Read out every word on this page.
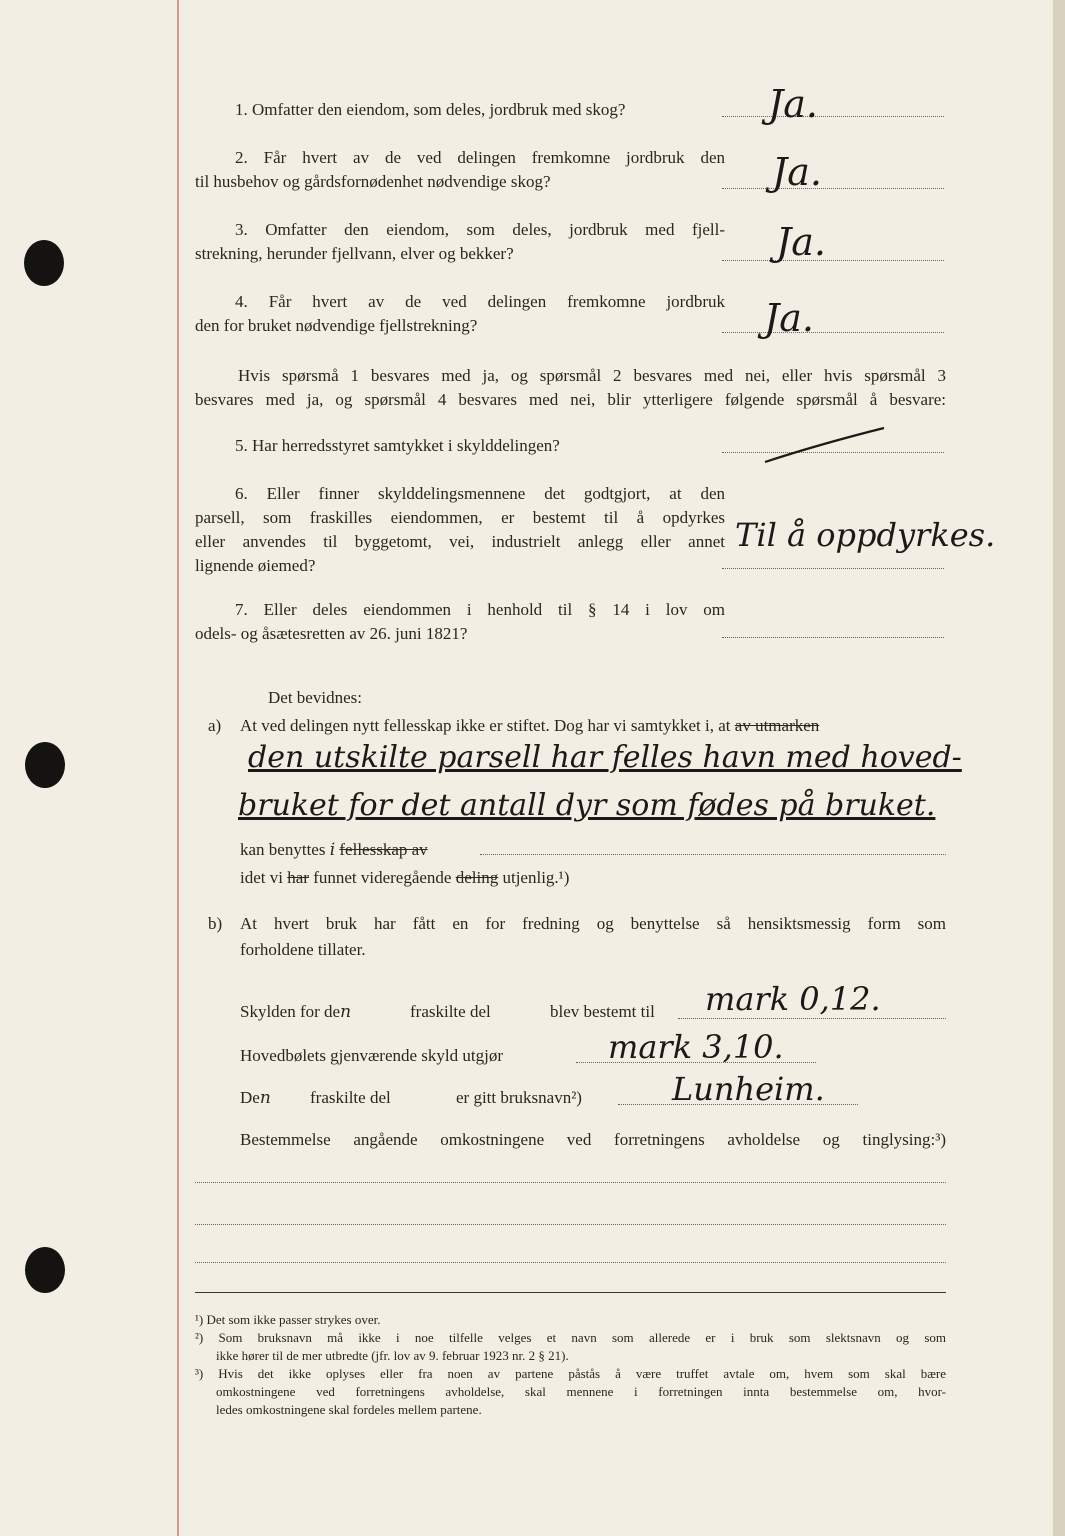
1. Omfatter den eiendom, som deles, jordbruk med skog?	Ja.
2. Får hvert av de ved delingen fremkomne jordbruk den
til husbehov og gårdsfornødenhet nødvendige skog?	Ja.
3. Omfatter den eiendom, som deles, jordbruk med fjell-
strekning, herunder fjellvann, elver og bekker?	Ja.
4. Får hvert av de ved delingen fremkomne jordbruk
den for bruket nødvendige fjellstrekning?	Ja.
Hvis spørsmå 1 besvares med ja, og spørsmål 2 besvares med nei, eller hvis spørsmål 3
besvares med ja, og spørsmål 4 besvares med nei, blir ytterligere følgende spørsmål å besvare:
5. Har herredsstyret samtykket i skylddelingen?
6. Eller finner skylddelingsmennene det godtgjort, at den
parsell, som fraskilles eiendommen, er bestemt til å opdyrkes
eller anvendes til byggetomt, vei, industrielt anlegg eller annet
lignende øiemed?
Til å oppdyrkes.
7. Eller deles eiendommen i henhold til § 14 i lov om
odels- og åsætesretten av 26. juni 1821?
Det bevidnes:
a) At ved delingen nytt fellesskap ikke er stiftet. Dog har vi samtykket i, at av utmarken
den utskilte parsell har felles havn med hoved-
bruket for det antall dyr som fødes på bruket.
kan benyttes i fellesskap av
idet vi har funnet videregående deling utjenlig.¹)
b) At hvert bruk har fått en for fredning og benyttelse så hensiktsmessig form som
forholdene tillater.
Skylden for den	fraskilte del	blev bestemt til mark 0,12.
Hovedbølets gjenværende skyld utgjør	mark 3,10.
Den fraskilte del	er gitt bruksnavn²)	Lunheim.
Bestemmelse angående omkostningene ved forretningens avholdelse og tinglysing:³)
¹) Det som ikke passer strykes over.
²) Som bruksnavn må ikke i noe tilfelle velges et navn som allerede er i bruk som slektsnavn og som
ikke hører til de mer utbredte (jfr. lov av 9. februar 1923 nr. 2 § 21).
³) Hvis det ikke oplyses eller fra noen av partene påstås å være truffet avtale om, hvem som skal bære
omkostningene ved forretningens avholdelse, skal mennene i forretningen innta bestemmelse om, hvor-
ledes omkostningene skal fordeles mellem partene.
